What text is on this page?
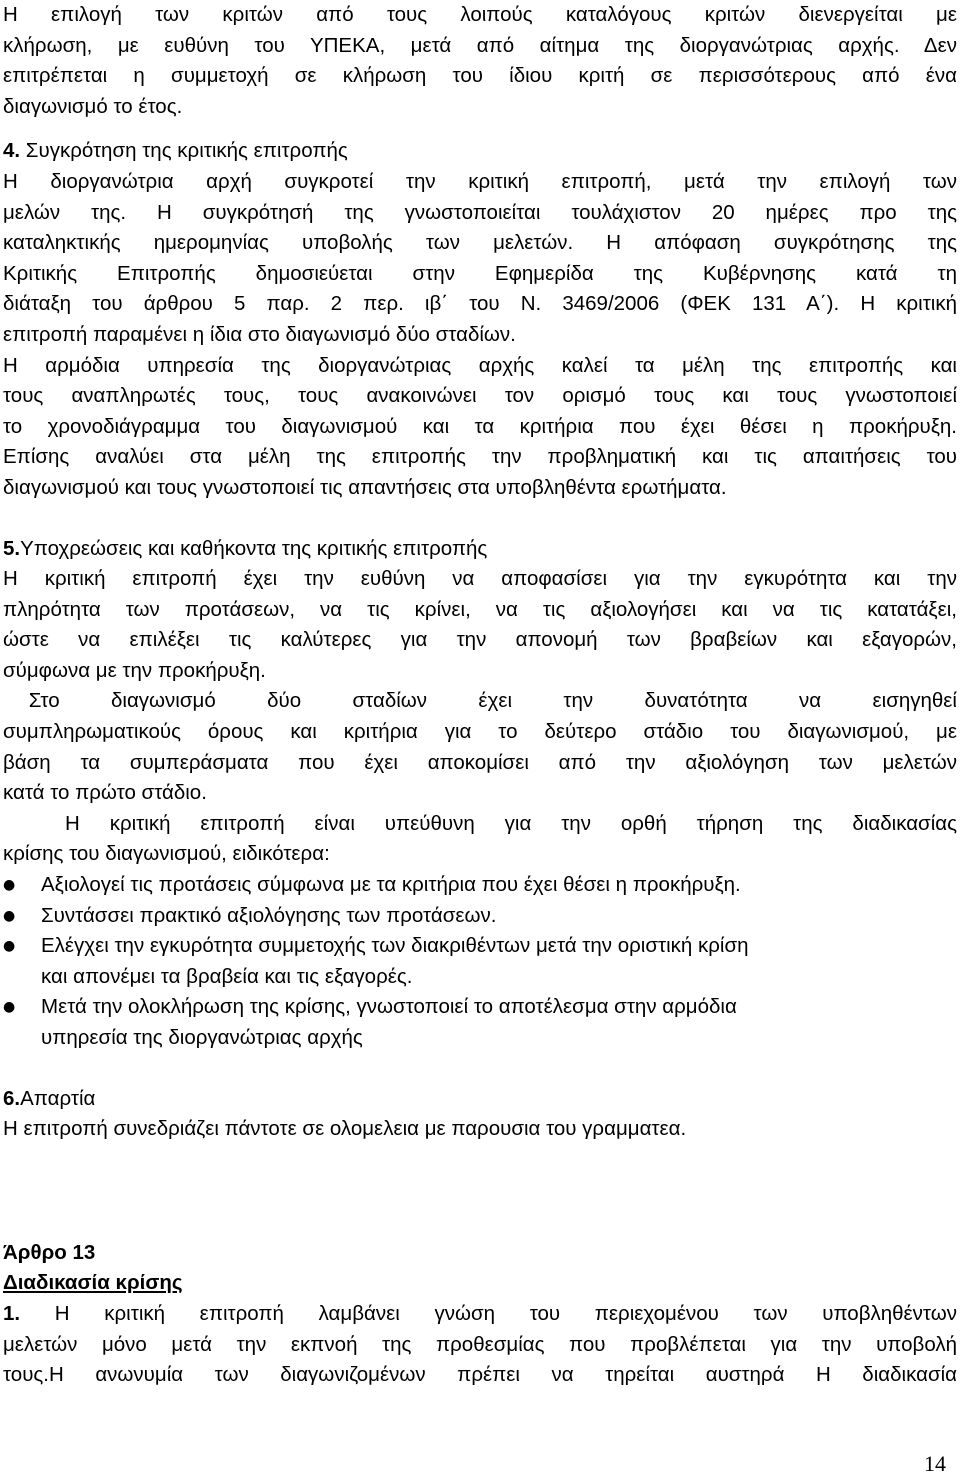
Η επιλογή των κριτών από τους λοιπούς καταλόγους κριτών διενεργείται με

κλήρωση, με ευθύνη του ΥΠΕΚΑ, μετά από αίτημα της διοργανώτριας αρχής. Δεν

επιτρέπεται η συμμετοχή σε κλήρωση του ίδιου κριτή σε περισσότερους από ένα

διαγωνισμό το έτος.

4. Συγκρότηση της κριτικής επιτροπής

Η διοργανώτρια αρχή συγκροτεί την κριτική επιτροπή, μετά την επιλογή των

μελών της. Η συγκρότησή της γνωστοποιείται τουλάχιστον 20 ημέρες προ της

καταληκτικής ημερομηνίας υποβολής των μελετών. Η απόφαση συγκρότησης της

Κριτικής Επιτροπής δημοσιεύεται στην Εφημερίδα της Κυβέρνησης κατά τη

διάταξη του άρθρου 5 παρ. 2 περ. ιβ΄ του Ν. 3469/2006 (ΦΕΚ 131 Α΄). Η κριτική

επιτροπή παραμένει η ίδια στο διαγωνισμό δύο σταδίων.

Η αρμόδια υπηρεσία της διοργανώτριας αρχής καλεί τα μέλη της επιτροπής και

τους αναπληρωτές τους, τους ανακοινώνει τον ορισμό τους και τους γνωστοποιεί

το χρονοδιάγραμμα του διαγωνισμού και τα κριτήρια που έχει θέσει η προκήρυξη.

Επίσης αναλύει στα μέλη της επιτροπής την προβληματική και τις απαιτήσεις του

διαγωνισμού και τους γνωστοποιεί τις απαντήσεις στα υποβληθέντα ερωτήματα.

5.Υποχρεώσεις και καθήκοντα της κριτικής επιτροπής

Η κριτική επιτροπή έχει την ευθύνη να αποφασίσει για την εγκυρότητα και την

πληρότητα των προτάσεων, να τις κρίνει, να τις αξιολογήσει και να τις κατατάξει,

ώστε να επιλέξει τις καλύτερες για την απονομή των βραβείων και εξαγορών,

σύμφωνα με την προκήρυξη.

Στο  διαγωνισμό  δύο  σταδίων  έχει  την  δυνατότητα  να  εισηγηθεί

συμπληρωματικούς όρους και κριτήρια για το δεύτερο στάδιο του διαγωνισμού, με

βάση τα συμπεράσματα που έχει αποκομίσει από την αξιολόγηση των μελετών

κατά το πρώτο στάδιο.

Η κριτική επιτροπή είναι υπεύθυνη για την ορθή τήρηση της διαδικασίας

κρίσης του διαγωνισμού, ειδικότερα:

●	Αξιολογεί τις προτάσεις σύμφωνα με τα κριτήρια που έχει θέσει η προκήρυξη.
●	Συντάσσει πρακτικό αξιολόγησης των προτάσεων.
●	Ελέγχει την εγκυρότητα συμμετοχής των διακριθέντων μετά την οριστική κρίση

και απονέμει τα βραβεία και τις εξαγορές.

●	Μετά την ολοκλήρωση της κρίσης, γνωστοποιεί το αποτέλεσμα στην αρμόδια

υπηρεσία της διοργανώτριας αρχής

6.Απαρτία

Η επιτροπή συνεδριάζει πάντοτε σε ολομελεια με παρουσια του γραμματεα.

Άρθρο 13

Διαδικασία κρίσης

1. Η κριτική επιτροπή λαμβάνει γνώση του περιεχομένου των υποβληθέντων

μελετών μόνο μετά την εκπνοή της προθεσμίας που προβλέπεται για την υποβολή

τους.Η ανωνυμία των διαγωνιζομένων πρέπει να τηρείται αυστηρά Η διαδικασία

14
